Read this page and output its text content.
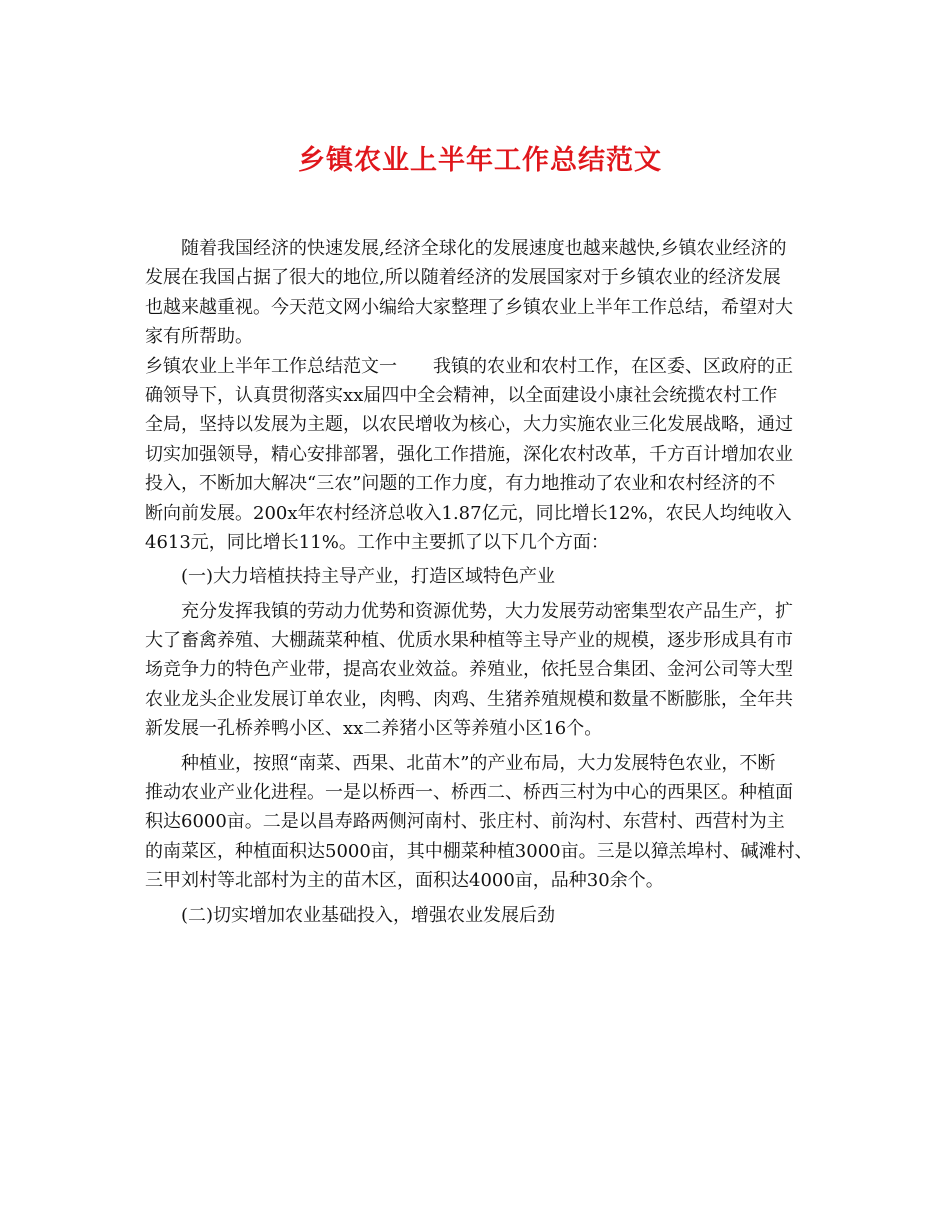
乡镇农业上半年工作总结范文
随着我国经济的快速发展,经济全球化的发展速度也越来越快,乡镇农业经济的
发展在我国占据了很大的地位,所以随着经济的发展国家对于乡镇农业的经济发展
也越来越重视。今天范文网小编给大家整理了乡镇农业上半年工作总结，希望对大
家有所帮助。
乡镇农业上半年工作总结范文一　　我镇的农业和农村工作，在区委、区政府的正
确领导下，认真贯彻落实xx届四中全会精神，以全面建设小康社会统揽农村工作
全局，坚持以发展为主题，以农民增收为核心，大力实施农业三化发展战略，通过
切实加强领导，精心安排部署，强化工作措施，深化农村改革，千方百计增加农业
投入，不断加大解决“三农”问题的工作力度，有力地推动了农业和农村经济的不
断向前发展。200x年农村经济总收入1.87亿元，同比增长12%，农民人均纯收入
4613元，同比增长11%。工作中主要抓了以下几个方面：
(一)大力培植扶持主导产业，打造区域特色产业
充分发挥我镇的劳动力优势和资源优势，大力发展劳动密集型农产品生产，扩
大了畜禽养殖、大棚蔬菜种植、优质水果种植等主导产业的规模，逐步形成具有市
场竞争力的特色产业带，提高农业效益。养殖业，依托昱合集团、金河公司等大型
农业龙头企业发展订单农业，肉鸭、肉鸡、生猪养殖规模和数量不断膨胀，全年共
新发展一孔桥养鸭小区、xx二养猪小区等养殖小区16个。
种植业，按照“南菜、西果、北苗木”的产业布局，大力发展特色农业，不断
推动农业产业化进程。一是以桥西一、桥西二、桥西三村为中心的西果区。种植面
积达6000亩。二是以昌寿路两侧河南村、张庄村、前沟村、东营村、西营村为主
的南菜区，种植面积达5000亩，其中棚菜种植3000亩。三是以獐羔埠村、碱滩村、
三甲刘村等北部村为主的苗木区，面积达4000亩，品种30余个。
(二)切实增加农业基础投入，增强农业发展后劲
